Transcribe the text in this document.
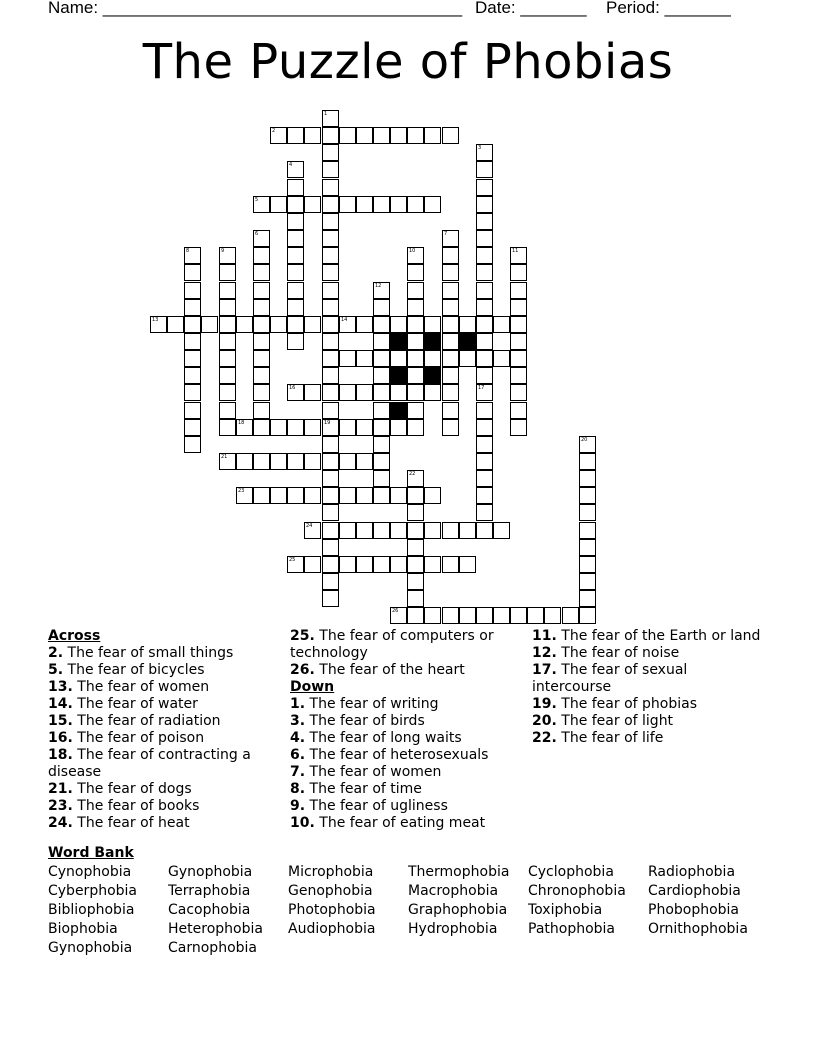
Name: ______________________________________ Date: _______ Period: _______
The Puzzle of Phobias
2
5
13	14
16
18	19
21
23
24
25
26
1
3
17
4
6	7
8	9	10	11
12
20
22
Across
2. The fear of small things
5. The fear of bicycles
13. The fear of women
14. The fear of water
15. The fear of radiation
16. The fear of poison
18. The fear of contracting a disease
21. The fear of dogs
23. The fear of books
24. The fear of heat
25. The fear of computers or technology
26. The fear of the heart
Down
1. The fear of writing
3. The fear of birds
4. The fear of long waits
6. The fear of heterosexuals
7. The fear of women
8. The fear of time
9. The fear of ugliness
10. The fear of eating meat
11. The fear of the Earth or land
12. The fear of noise
17. The fear of sexual intercourse
19. The fear of phobias
20. The fear of light
22. The fear of life
Word Bank
Cynophobia	Gynophobia	Microphobia	Thermophobia	Cyclophobia	Radiophobia
Cyberphobia	Terraphobia	Genophobia	Macrophobia	Chronophobia	Cardiophobia
Bibliophobia	Cacophobia	Photophobia	Graphophobia	Toxiphobia	Phobophobia
Biophobia	Heterophobia	Audiophobia	Hydrophobia	Pathophobia	Ornithophobia
Gynophobia	Carnophobia
